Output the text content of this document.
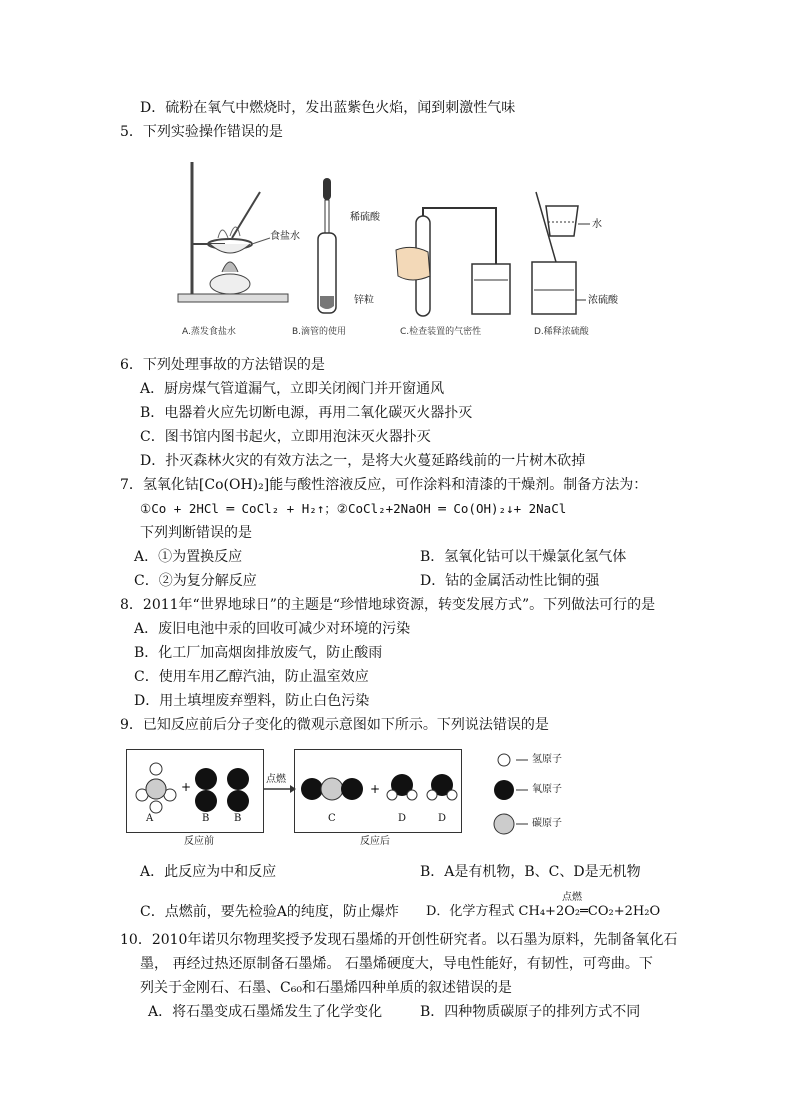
D．硫粉在氧气中燃烧时，发出蓝紫色火焰，闻到刺激性气味
5．下列实验操作错误的是
食盐水
稀硫酸
锌粒
水
浓硫酸
A.蒸发食盐水	B.滴管的使用	C.检查装置的气密性	D.稀释浓硫酸
6．下列处理事故的方法错误的是
A．厨房煤气管道漏气，立即关闭阀门并开窗通风
B．电器着火应先切断电源，再用二氧化碳灭火器扑灭
C．图书馆内图书起火，立即用泡沫灭火器扑灭
D．扑灭森林火灾的有效方法之一，是将大火蔓延路线前的一片树木砍掉
7．氢氧化钴[Co(OH)₂]能与酸性溶液反应，可作涂料和清漆的干燥剂。制备方法为：
①Co + 2HCl ═ CoCl₂ + H₂↑；②CoCl₂+2NaOH ═ Co(OH)₂↓+ 2NaCl
下列判断错误的是
A．①为置换反应	B．氢氧化钴可以干燥氯化氢气体
C．②为复分解反应	D．钴的金属活动性比铜的强
8．2011年“世界地球日”的主题是“珍惜地球资源，转变发展方式”。下列做法可行的是
A．废旧电池中汞的回收可减少对环境的污染
B．化工厂加高烟囱排放废气，防止酸雨
C．使用车用乙醇汽油，防止温室效应
D．用土填埋废弃塑料，防止白色污染
9．已知反应前后分子变化的微观示意图如下所示。下列说法错误的是
+	+
A	B B	C	D	D
点燃
反应前	反应后
氢原子
氧原子
碳原子
A．此反应为中和反应	B．A是有机物，B、C、D是无机物
C．点燃前，要先检验A的纯度，防止爆炸 D．化学方程式 CH₄+2O₂═CO₂+2H₂O
点燃
10．2010年诺贝尔物理奖授予发现石墨烯的开创性研究者。以石墨为原料，先制备氧化石
墨， 再经过热还原制备石墨烯。 石墨烯硬度大，导电性能好，有韧性，可弯曲。下
列关于金刚石、石墨、C₆₀和石墨烯四种单质的叙述错误的是
A．将石墨变成石墨烯发生了化学变化	B．四种物质碳原子的排列方式不同
